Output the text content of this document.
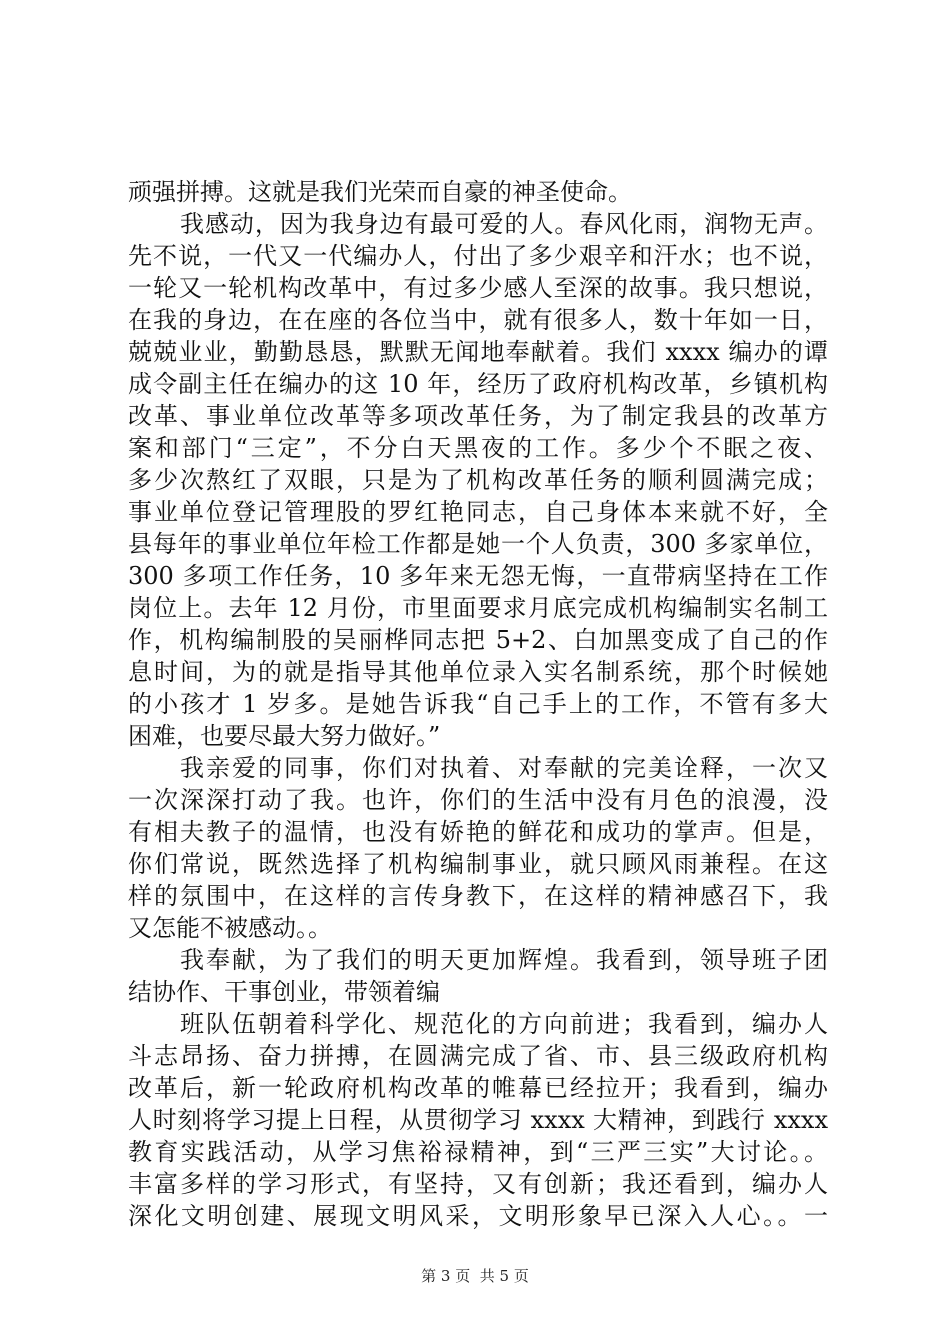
顽强拼搏。这就是我们光荣而自豪的神圣使命。
我感动，因为我身边有最可爱的人。春风化雨，润物无声。
先不说，一代又一代编办人，付出了多少艰辛和汗水；也不说，
一轮又一轮机构改革中，有过多少感人至深的故事。我只想说，
在我的身边，在在座的各位当中，就有很多人，数十年如一日，
兢兢业业，勤勤恳恳，默默无闻地奉献着。我们 xxxx 编办的谭
成令副主任在编办的这 10 年，经历了政府机构改革，乡镇机构
改革、事业单位改革等多项改革任务，为了制定我县的改革方
案和部门“三定”，不分白天黑夜的工作。多少个不眠之夜、
多少次熬红了双眼，只是为了机构改革任务的顺利圆满完成；
事业单位登记管理股的罗红艳同志，自己身体本来就不好，全
县每年的事业单位年检工作都是她一个人负责，300 多家单位，
300 多项工作任务，10 多年来无怨无悔，一直带病坚持在工作
岗位上。去年 12 月份，市里面要求月底完成机构编制实名制工
作，机构编制股的吴丽桦同志把 5+2、白加黑变成了自己的作
息时间，为的就是指导其他单位录入实名制系统，那个时候她
的小孩才 1 岁多。是她告诉我“自己手上的工作，不管有多大
困难，也要尽最大努力做好。”
我亲爱的同事，你们对执着、对奉献的完美诠释，一次又
一次深深打动了我。也许，你们的生活中没有月色的浪漫，没
有相夫教子的温情，也没有娇艳的鲜花和成功的掌声。但是，
你们常说，既然选择了机构编制事业，就只顾风雨兼程。在这
样的氛围中，在这样的言传身教下，在这样的精神感召下，我
又怎能不被感动。。
我奉献，为了我们的明天更加辉煌。我看到，领导班子团
结协作、干事创业，带领着编
班队伍朝着科学化、规范化的方向前进；我看到，编办人
斗志昂扬、奋力拼搏，在圆满完成了省、市、县三级政府机构
改革后，新一轮政府机构改革的帷幕已经拉开；我看到，编办
人时刻将学习提上日程，从贯彻学习 xxxx 大精神，到践行 xxxx
教育实践活动，从学习焦裕禄精神，到“三严三实”大讨论。。
丰富多样的学习形式，有坚持，又有创新；我还看到，编办人
深化文明创建、展现文明风采，文明形象早已深入人心。。一
第 3 页  共 5 页
